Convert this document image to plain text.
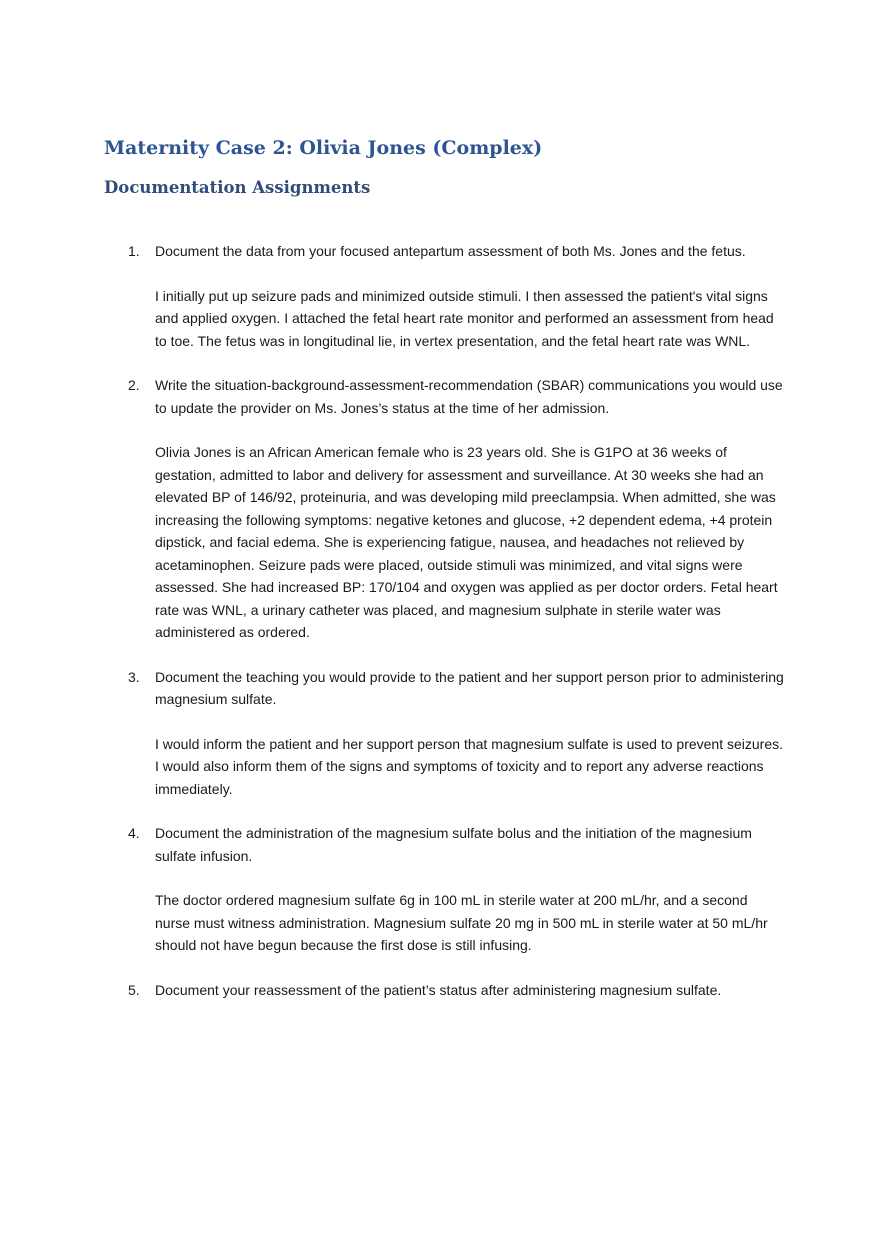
Maternity Case 2: Olivia Jones (Complex)
Documentation Assignments
1. Document the data from your focused antepartum assessment of both Ms. Jones and the fetus.

I initially put up seizure pads and minimized outside stimuli. I then assessed the patient's vital signs and applied oxygen. I attached the fetal heart rate monitor and performed an assessment from head to toe. The fetus was in longitudinal lie, in vertex presentation, and the fetal heart rate was WNL.

2. Write the situation-background-assessment-recommendation (SBAR) communications you would use to update the provider on Ms. Jones’s status at the time of her admission.

Olivia Jones is an African American female who is 23 years old. She is G1PO at 36 weeks of gestation, admitted to labor and delivery for assessment and surveillance. At 30 weeks she had an elevated BP of 146/92, proteinuria, and was developing mild preeclampsia. When admitted, she was increasing the following symptoms: negative ketones and glucose, +2 dependent edema, +4 protein dipstick, and facial edema. She is experiencing fatigue, nausea, and headaches not relieved by acetaminophen. Seizure pads were placed, outside stimuli was minimized, and vital signs were assessed. She had increased BP: 170/104 and oxygen was applied as per doctor orders. Fetal heart rate was WNL, a urinary catheter was placed, and magnesium sulphate in sterile water was administered as ordered.

3. Document the teaching you would provide to the patient and her support person prior to administering magnesium sulfate.

I would inform the patient and her support person that magnesium sulfate is used to prevent seizures. I would also inform them of the signs and symptoms of toxicity and to report any adverse reactions immediately.

4. Document the administration of the magnesium sulfate bolus and the initiation of the magnesium sulfate infusion.

The doctor ordered magnesium sulfate 6g in 100 mL in sterile water at 200 mL/hr, and a second nurse must witness administration. Magnesium sulfate 20 mg in 500 mL in sterile water at 50 mL/hr should not have begun because the first dose is still infusing.

5. Document your reassessment of the patient’s status after administering magnesium sulfate.
